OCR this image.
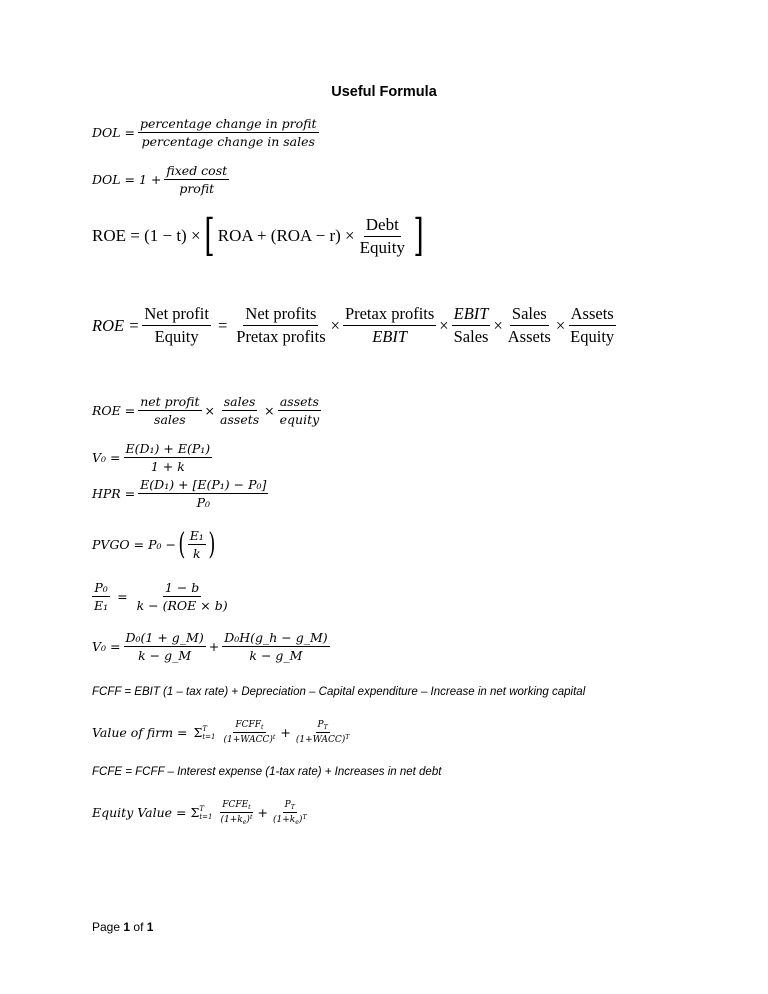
Useful Formula
DOL = $\frac{\text{percentage change in profit}}{\text{percentage change in sales}}$
DOL = $1 + \frac{\text{fixed cost}}{\text{profit}}$
ROE = (1 − t) × [ ROA + $(ROA - r) \times \frac{\text{Debt}}{\text{Equity}}$ ]
ROE = $\frac{\text{Net profit}}{\text{Equity}} = \frac{\text{Net profits}}{\text{Pretax profits}} \times \frac{\text{Pretax profits}}{\text{EBIT}} \times \frac{\text{EBIT}}{\text{Sales}} \times \frac{\text{Sales}}{\text{Assets}} \times \frac{\text{Assets}}{\text{Equity}}$
ROE = $\frac{\text{net profit}}{\text{sales}} \times \frac{\text{sales}}{\text{assets}} \times \frac{\text{assets}}{\text{equity}}$
$V_0 = \frac{\text{E(D₁) + E(P₁)}}{1 + k}$
HPR = $\frac{\text{E(D₁) + [E(P₁) − P₀]}}{\text{P₀}}$
PVGO = P₀ − ( $\frac{\text{E₁}}{k}$ )
$\frac{\text{P₀}}{\text{E₁}} = \frac{1 - b}{\text{k − (ROE × b)}}$
$V_0 = \frac{\text{D₀(1 + g\_M)}}{k - g\_M} + \frac{\text{D₀H(g\_h − g\_M)}}{k - g\_M}$
FCFF = EBIT (1 – tax rate) + Depreciation – Capital expenditure – Increase in net working capital
Value of firm = Σ T
$t=1 \frac{FCFF_t}{(1+WACC)^t} + \frac{P_T}{(1+WACC)^T}$
FCFE = FCFF – Interest expense (1-tax rate) + Increases in net debt
Equity Value = Σ T
$t=1 \frac{FCFE_t}{(1+k_e)^t} + \frac{P_T}{(1+k_e)^T}$
Page 1 of 1
